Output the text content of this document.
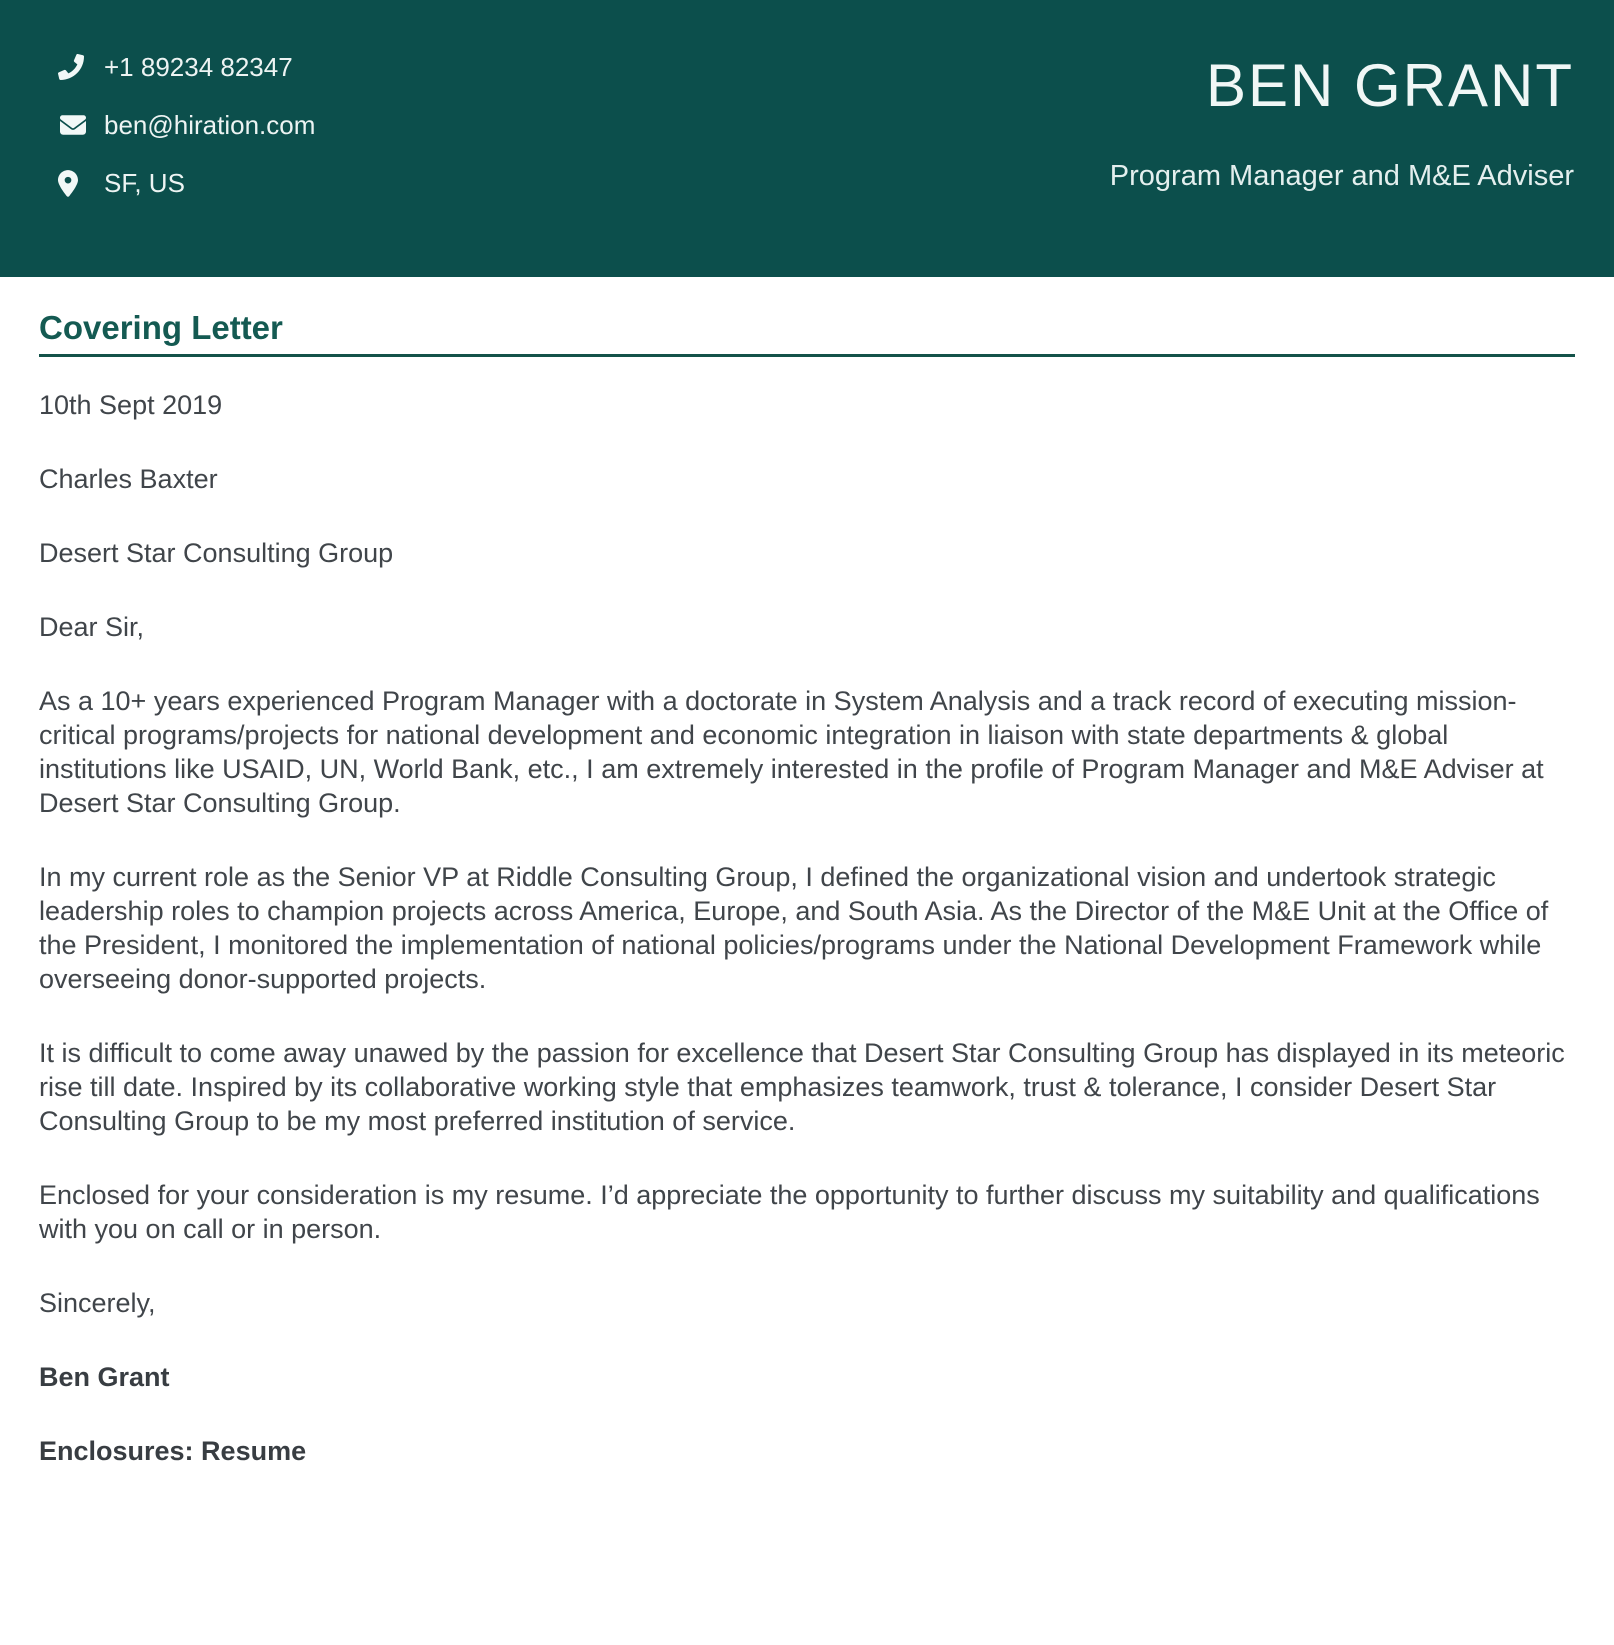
+1 89234 82347
ben@hiration.com
SF, US
BEN GRANT
Program Manager and M&E Adviser
Covering Letter

10th Sept 2019

Charles Baxter

Desert Star Consulting Group

Dear Sir,

As a 10+ years experienced Program Manager with a doctorate in System Analysis and a track record of executing mission-critical programs/projects for national development and economic integration in liaison with state departments & global institutions like USAID, UN, World Bank, etc., I am extremely interested in the profile of Program Manager and M&E Adviser at Desert Star Consulting Group.

In my current role as the Senior VP at Riddle Consulting Group, I defined the organizational vision and undertook strategic leadership roles to champion projects across America, Europe, and South Asia. As the Director of the M&E Unit at the Office of the President, I monitored the implementation of national policies/programs under the National Development Framework while overseeing donor-supported projects.

It is difficult to come away unawed by the passion for excellence that Desert Star Consulting Group has displayed in its meteoric rise till date. Inspired by its collaborative working style that emphasizes teamwork, trust & tolerance, I consider Desert Star Consulting Group to be my most preferred institution of service.

Enclosed for your consideration is my resume. I’d appreciate the opportunity to further discuss my suitability and qualifications with you on call or in person.

Sincerely,

Ben Grant

Enclosures: Resume
